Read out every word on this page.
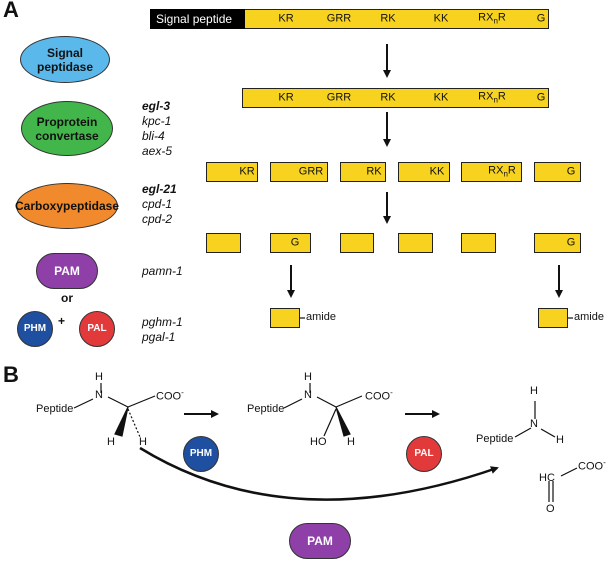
A
B
Signal peptidase
Proprotein convertase
Carboxypeptidase
PAM
or
PHM
+
PAL
egl-3
kpc-1
bli-4
aex-5
egl-21
cpd-1
cpd-2
pamn-1
pghm-1
pgal-1
Signal peptide	KR	GRR	RK	KK	$RX_nR$	G
KR	GRR	RK	KK	$RX_nR$	G
KR	GRR	RK	KK	$RX_nR$	G
G	G
amide	amide
Peptide
H
N	COO-
H H
PHM
Peptide
H
N	COO-
HO H
PAL
H
N
Peptide	H
COO-
HC
O
PAM
